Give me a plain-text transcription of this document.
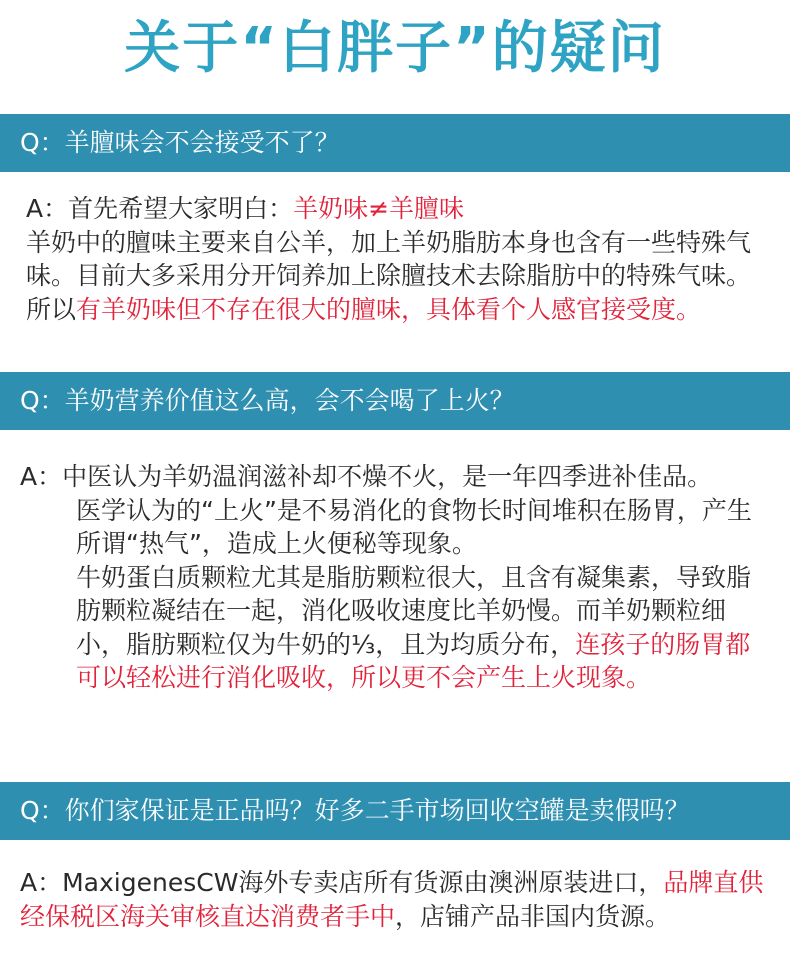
关于“白胖子”的疑问
Q：羊膻味会不会接受不了？

A：首先希望大家明白：羊奶味≠羊膻味

羊奶中的膻味主要来自公羊，加上羊奶脂肪本身也含有一些特殊气味。目前大多采用分开饲养加上除膻技术去除脂肪中的特殊气味。所以有羊奶味但不存在很大的膻味，具体看个人感官接受度。

Q：羊奶营养价值这么高，会不会喝了上火？

A：中医认为羊奶温润滋补却不燥不火，是一年四季进补佳品。

医学认为的“上火”是不易消化的食物长时间堆积在肠胃，产生所谓“热气”，造成上火便秘等现象。

牛奶蛋白质颗粒尤其是脂肪颗粒很大，且含有凝集素，导致脂肪颗粒凝结在一起，消化吸收速度比羊奶慢。而羊奶颗粒细小，脂肪颗粒仅为牛奶的⅓，且为均质分布，连孩子的肠胃都可以轻松进行消化吸收，所以更不会产生上火现象。

Q：你们家保证是正品吗？好多二手市场回收空罐是卖假吗？

A：MaxigenesCW海外专卖店所有货源由澳洲原装进口，品牌直供经保税区海关审核直达消费者手中，店铺产品非国内货源。
